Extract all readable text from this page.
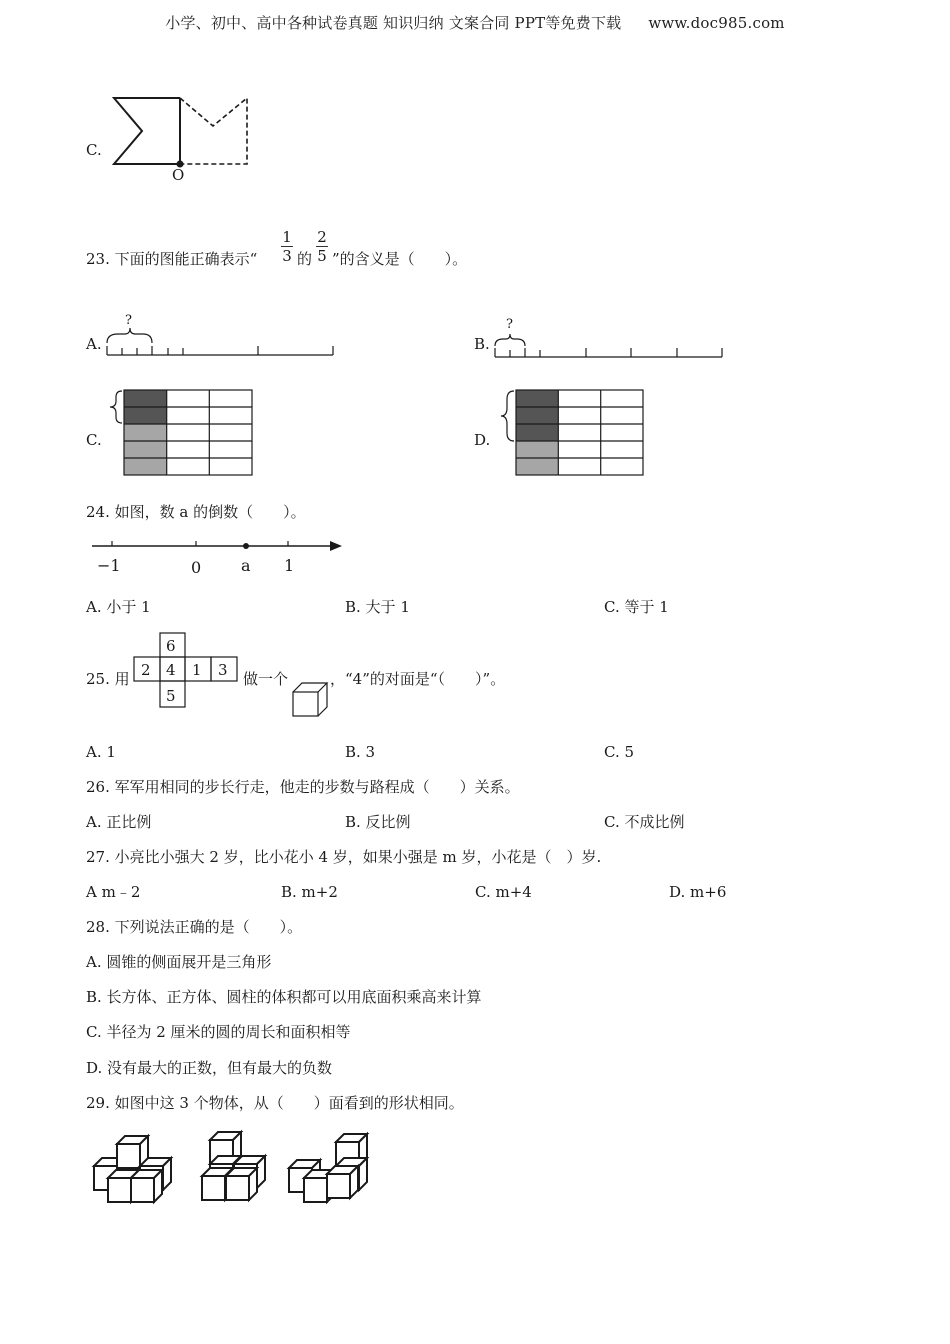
小学、初中、高中各种试卷真题 知识归纳 文案合同 PPT等免费下载 www.doc985.com
C.
O
23. 下面的图能正确表示“
1
3 的
2
5 ”的含义是（　　）。
A.	B.
?	?
C.	D.
24. 如图，数 a 的倒数（　　）。
−1	0 a 1
A. 小于 1	B. 大于 1	C. 等于 1
25. 用
6
2 4 1 3
5
做一个	，“4”的对面是“（　　）”。
A. 1	B. 3	C. 5
26. 军军用相同的步长行走，他走的步数与路程成（　　）关系。
A. 正比例	B. 反比例	C. 不成比例
27. 小亮比小强大 2 岁，比小花小 4 岁，如果小强是 m 岁，小花是（　）岁.
A m﹣2	B. m+2	C. m+4	D. m+6
28. 下列说法正确的是（　　）。
A. 圆锥的侧面展开是三角形
B. 长方体、正方体、圆柱的体积都可以用底面积乘高来计算
C. 半径为 2 厘米的圆的周长和面积相等
D. 没有最大的正数，但有最大的负数
29. 如图中这 3 个物体，从（　　）面看到的形状相同。
